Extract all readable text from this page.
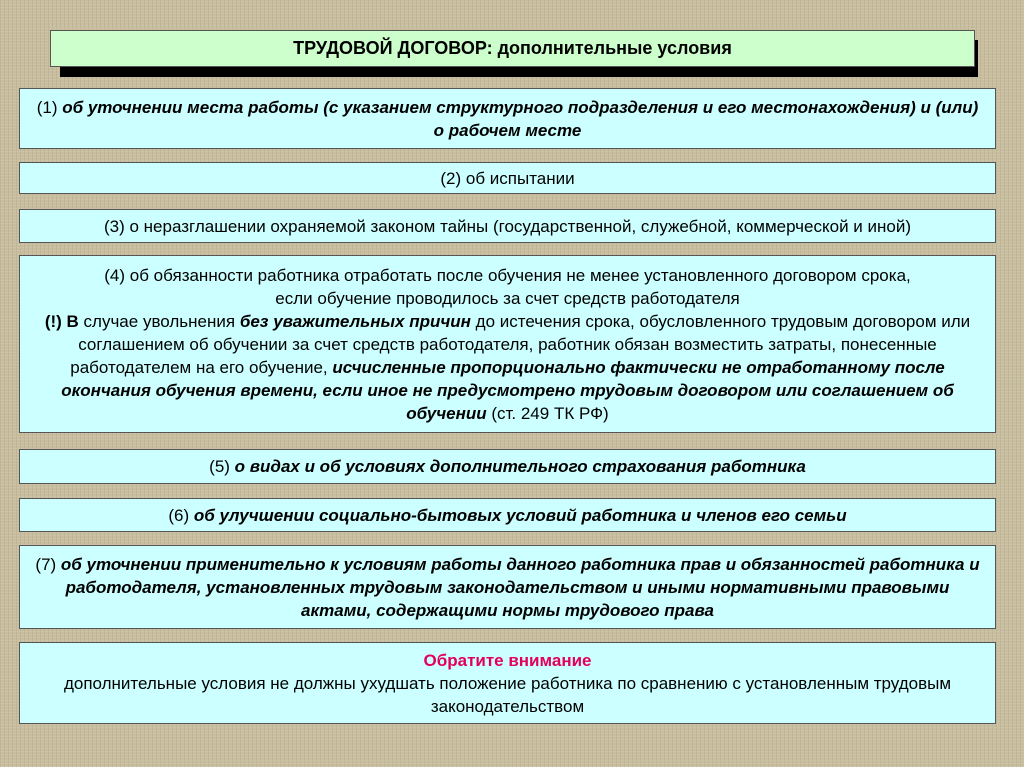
ТРУДОВОЙ ДОГОВОР: дополнительные условия
(1) об уточнении места работы (с указанием структурного подразделения и его местонахождения) и (или) о рабочем месте
(2) об испытании
(3) о неразглашении охраняемой законом тайны (государственной, служебной, коммерческой и иной)
(4) об обязанности работника отработать после обучения не менее установленного договором срока,
если обучение проводилось за счет средств работодателя
(!) В случае увольнения без уважительных причин до истечения срока, обусловленного трудовым договором или соглашением об обучении за счет средств работодателя, работник обязан возместить затраты, понесенные работодателем на его обучение, исчисленные пропорционально фактически не отработанному после окончания обучения времени, если иное не предусмотрено трудовым договором или соглашением об обучении (ст. 249 ТК РФ)
(5) о видах и об условиях дополнительного страхования работника
(6) об улучшении социально-бытовых условий работника и членов его семьи
(7) об уточнении применительно к условиям работы данного работника прав и обязанностей работника и работодателя, установленных трудовым законодательством и иными нормативными правовыми актами, содержащими нормы трудового права
Обратите внимание
дополнительные условия не должны ухудшать положение работника по сравнению с установленным трудовым законодательством
